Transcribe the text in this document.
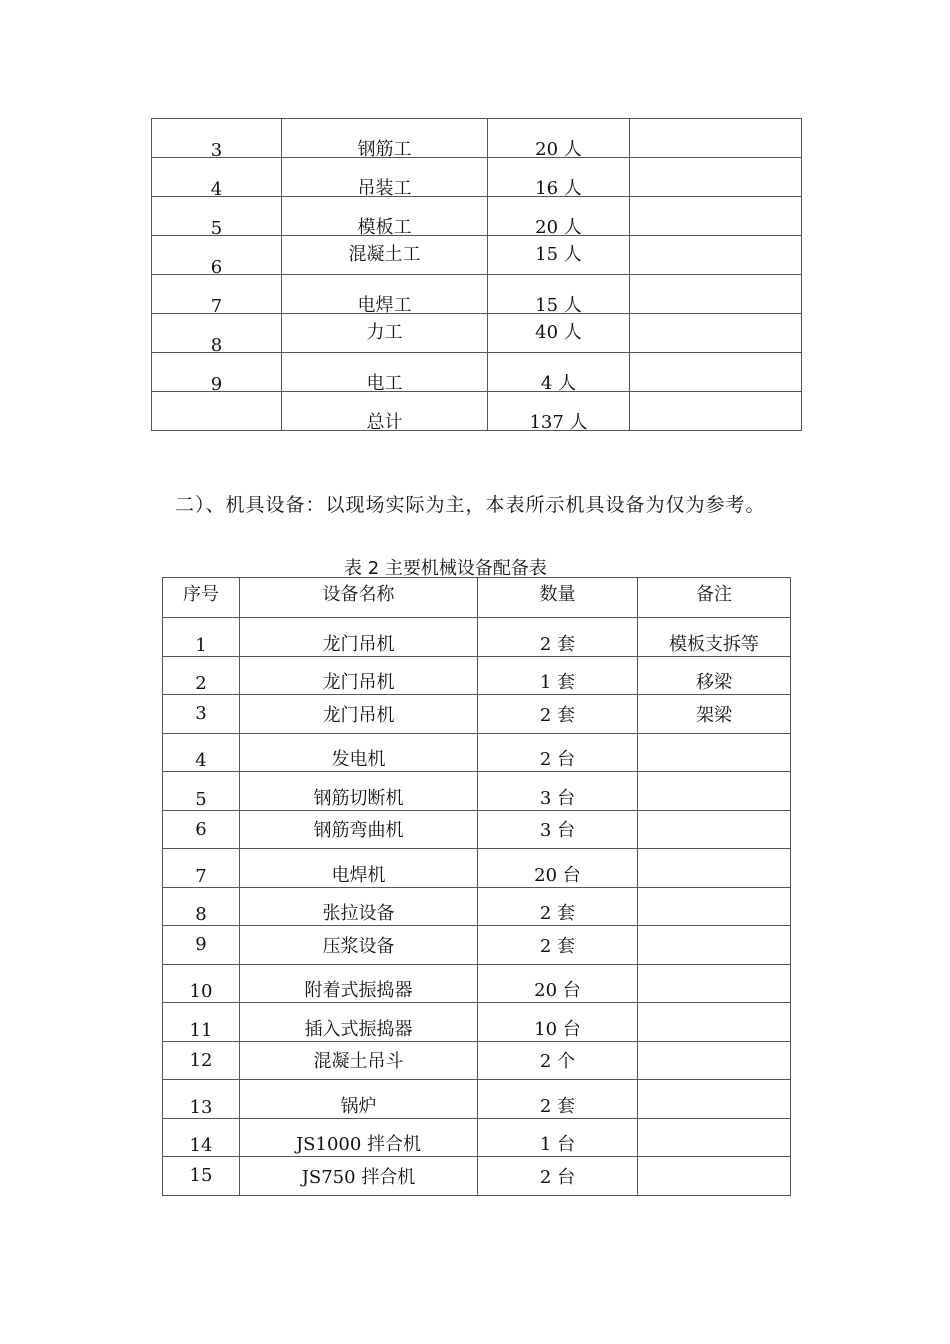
3	钢筋工	20 人	
4	吊装工	16 人	
5	模板工	20 人	
6	混凝土工	15 人	
7	电焊工	15 人	
8	力工	40 人	
9	电工	4 人	
	总计	137 人	
二）、机具设备：以现场实际为主，本表所示机具设备为仅为参考。
表 2 主要机械设备配备表
序号	设备名称	数量	备注
1	龙门吊机	2 套	模板支拆等
2	龙门吊机	1 套	移梁
3	龙门吊机	2 套	架梁
4	发电机	2 台	
5	钢筋切断机	3 台	
6	钢筋弯曲机	3 台	
7	电焊机	20 台	
8	张拉设备	2 套	
9	压浆设备	2 套	
10	附着式振捣器	20 台	
11	插入式振捣器	10 台	
12	混凝土吊斗	2 个	
13	锅炉	2 套	
14	JS1000 拌合机	1 台	
15	JS750 拌合机	2 台	
